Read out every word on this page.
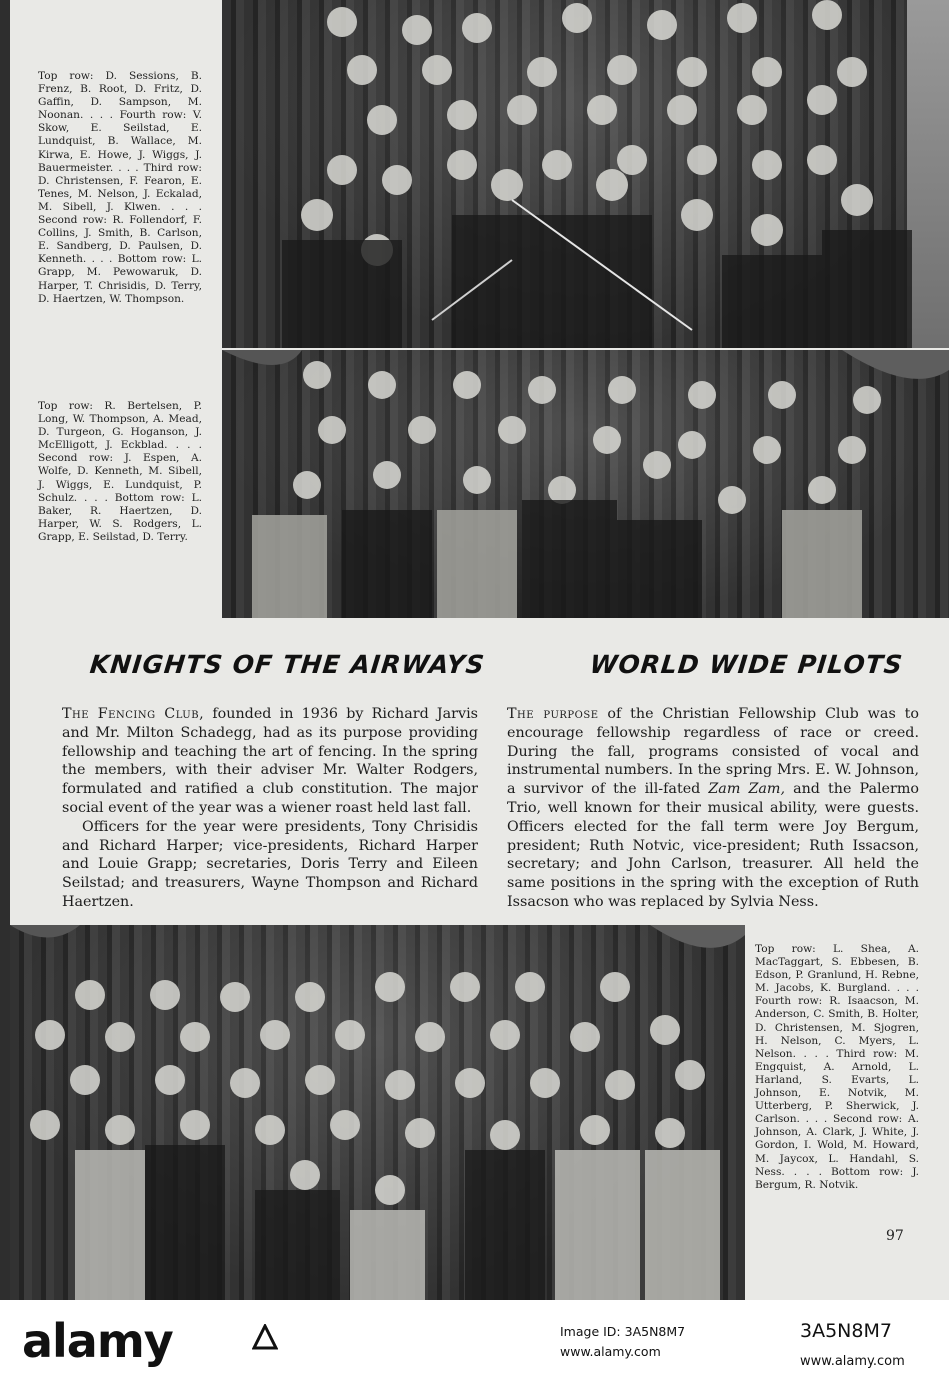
Top row: D. Sessions, B. Frenz, B. Root, D. Fritz, D. Gaffin, D. Sampson, M. Noonan. . . . Fourth row: V. Skow, E. Seilstad, E. Lundquist, B. Wallace, M. Kirwa, E. Howe, J. Wiggs, J. Bauermeister. . . . Third row: D. Christensen, F. Fearon, E. Tenes, M. Nelson, J. Eckalad, M. Sibell, J. Klwen. . . . Second row: R. Follendorf, F. Collins, J. Smith, B. Carlson, E. Sandberg, D. Paulsen, D. Kenneth. . . . Bottom row: L. Grapp, M. Pewowaruk, D. Harper, T. Chrisidis, D. Terry, D. Haertzen, W. Thompson.

Top row: R. Bertelsen, P. Long, W. Thompson, A. Mead, D. Turgeon, G. Hoganson, J. McElligott, J. Eckblad. . . . Second row: J. Espen, A. Wolfe, D. Kenneth, M. Sibell, J. Wiggs, E. Lundquist, P. Schulz. . . . Bottom row: L. Baker, R. Haertzen, D. Harper, W. S. Rodgers, L. Grapp, E. Seilstad, D. Terry.

KNIGHTS OF THE AIRWAYS	WORLD WIDE PILOTS

The Fencing Club, founded in 1936 by Richard Jarvis and Mr. Milton Schadegg, had as its purpose providing fellowship and teaching the art of fencing. In the spring the members, with their adviser Mr. Walter Rodgers, formulated and ratified a club constitution. The major social event of the year was a wiener roast held last fall.

Officers for the year were presidents, Tony Chrisidis and Richard Harper; vice-presidents, Richard Harper and Louie Grapp; secretaries, Doris Terry and Eileen Seilstad; and treasurers, Wayne Thompson and Richard Haertzen.

The purpose of the Christian Fellowship Club was to encourage fellowship regardless of race or creed. During the fall, programs consisted of vocal and instrumental numbers. In the spring Mrs. E. W. Johnson, a survivor of the ill-fated Zam Zam, and the Palermo Trio, well known for their musical ability, were guests. Officers elected for the fall term were Joy Bergum, president; Ruth Notvic, vice-president; Ruth Issacson, secretary; and John Carlson, treasurer. All held the same positions in the spring with the exception of Ruth Issacson who was replaced by Sylvia Ness.

Top row: L. Shea, A. MacTaggart, S. Ebbesen, B. Edson, P. Granlund, H. Rebne, M. Jacobs, K. Burgland. . . . Fourth row: R. Isaacson, M. Anderson, C. Smith, B. Holter, D. Christensen, M. Sjogren, H. Nelson, C. Myers, L. Nelson. . . . Third row: M. Engquist, A. Arnold, L. Harland, S. Evarts, L. Johnson, E. Notvik, M. Utterberg, P. Sherwick, J. Carlson. . . . Second row: A. Johnson, A. Clark, J. White, J. Gordon, I. Wold, M. Howard, M. Jaycox, L. Handahl, S. Ness. . . . Bottom row: J. Bergum, R. Notvik.

97
alamy	Image ID: 3A5N8M7
www.alamy.com
3A5N8M7
www.alamy.com
